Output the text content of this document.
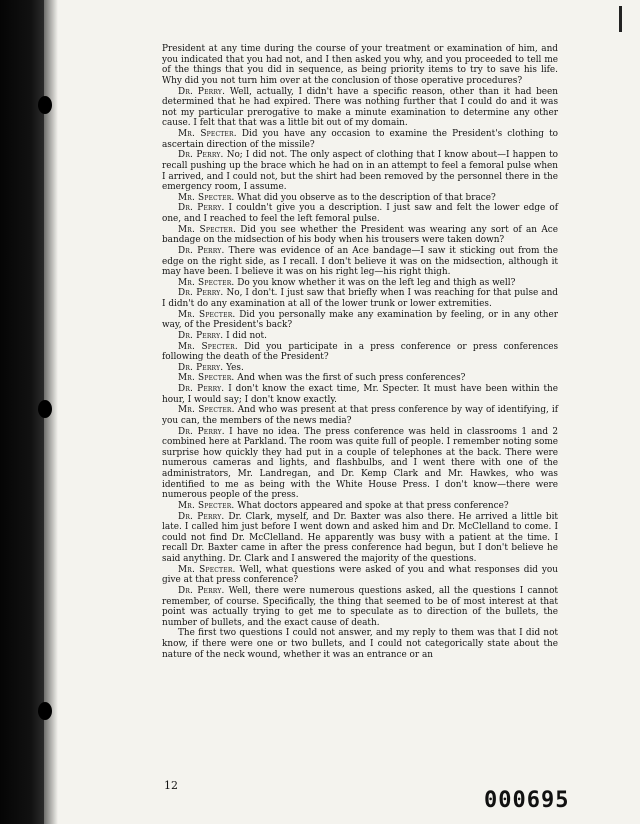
President at any time during the course of your treatment or examination of him, and you indicated that you had not, and I then asked you why, and you proceeded to tell me of the things that you did in sequence, as being priority items to try to save his life. Why did you not turn him over at the conclusion of those operative procedures?

Dr. Perry. Well, actually, I didn't have a specific reason, other than it had been determined that he had expired. There was nothing further that I could do and it was not my particular prerogative to make a minute examination to determine any other cause. I felt that that was a little bit out of my domain.

Mr. Specter. Did you have any occasion to examine the President's clothing to ascertain direction of the missile?

Dr. Perry. No; I did not. The only aspect of clothing that I know about—I happen to recall pushing up the brace which he had on in an attempt to feel a femoral pulse when I arrived, and I could not, but the shirt had been removed by the personnel there in the emergency room, I assume.

Mr. Specter. What did you observe as to the description of that brace?

Dr. Perry. I couldn't give you a description. I just saw and felt the lower edge of one, and I reached to feel the left femoral pulse.

Mr. Specter. Did you see whether the President was wearing any sort of an Ace bandage on the midsection of his body when his trousers were taken down?

Dr. Perry. There was evidence of an Ace bandage—I saw it sticking out from the edge on the right side, as I recall. I don't believe it was on the midsection, although it may have been. I believe it was on his right leg—his right thigh.

Mr. Specter. Do you know whether it was on the left leg and thigh as well?

Dr. Perry. No, I don't. I just saw that briefly when I was reaching for that pulse and I didn't do any examination at all of the lower trunk or lower extremities.

Mr. Specter. Did you personally make any examination by feeling, or in any other way, of the President's back?

Dr. Perry. I did not.

Mr. Specter. Did you participate in a press conference or press conferences following the death of the President?

Dr. Perry. Yes.

Mr. Specter. And when was the first of such press conferences?

Dr. Perry. I don't know the exact time, Mr. Specter. It must have been within the hour, I would say; I don't know exactly.

Mr. Specter. And who was present at that press conference by way of identifying, if you can, the members of the news media?

Dr. Perry. I have no idea. The press conference was held in classrooms 1 and 2 combined here at Parkland. The room was quite full of people. I remember noting some surprise how quickly they had put in a couple of telephones at the back. There were numerous cameras and lights, and flashbulbs, and I went there with one of the administrators, Mr. Landregan, and Dr. Kemp Clark and Mr. Hawkes, who was identified to me as being with the White House Press. I don't know—there were numerous people of the press.

Mr. Specter. What doctors appeared and spoke at that press conference?

Dr. Perry. Dr. Clark, myself, and Dr. Baxter was also there. He arrived a little bit late. I called him just before I went down and asked him and Dr. McClelland to come. I could not find Dr. McClelland. He apparently was busy with a patient at the time. I recall Dr. Baxter came in after the press conference had begun, but I don't believe he said anything. Dr. Clark and I answered the majority of the questions.

Mr. Specter. Well, what questions were asked of you and what responses did you give at that press conference?

Dr. Perry. Well, there were numerous questions asked, all the questions I cannot remember, of course. Specifically, the thing that seemed to be of most interest at that point was actually trying to get me to speculate as to direction of the bullets, the number of bullets, and the exact cause of death.

The first two questions I could not answer, and my reply to them was that I did not know, if there were one or two bullets, and I could not categorically state about the nature of the neck wound, whether it was an entrance or an

12
000695
